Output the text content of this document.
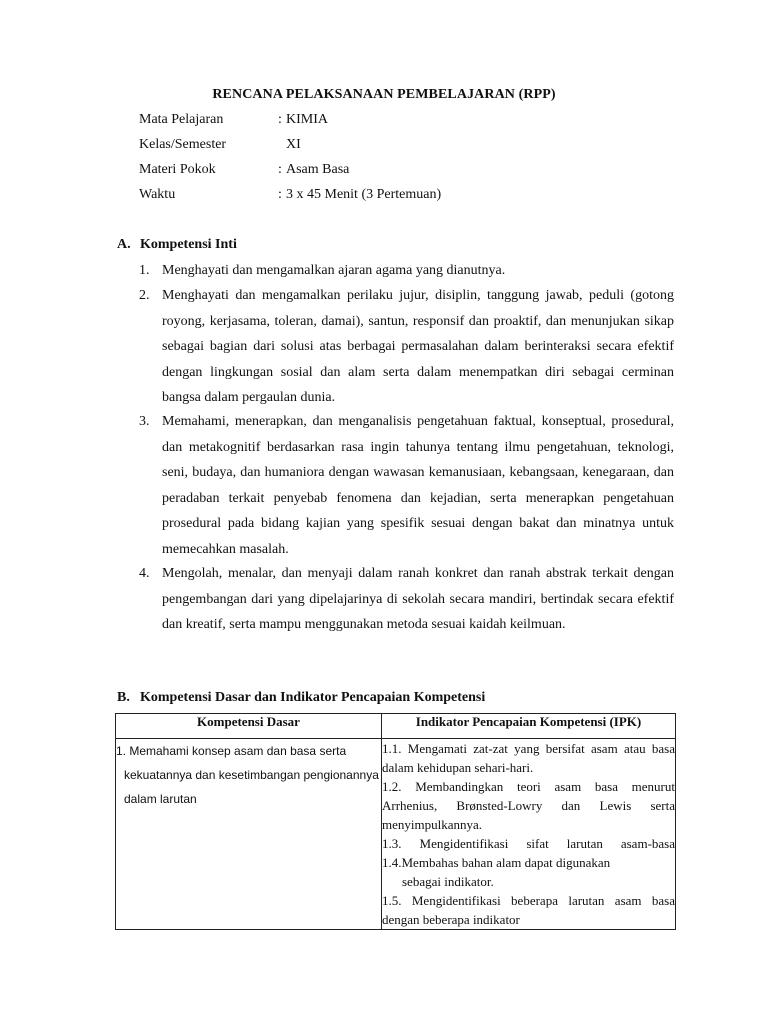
RENCANA PELAKSANAAN PEMBELAJARAN (RPP)
Mata Pelajaran	: KIMIA
Kelas/Semester	XI
Materi Pokok	: Asam Basa
Waktu	: 3 x 45 Menit (3 Pertemuan)
A. Kompetensi Inti
1. Menghayati dan mengamalkan ajaran agama yang dianutnya.
2. Menghayati dan mengamalkan perilaku jujur, disiplin, tanggung jawab, peduli (gotong royong, kerjasama, toleran, damai), santun, responsif dan proaktif, dan menunjukan sikap sebagai bagian dari solusi atas berbagai permasalahan dalam berinteraksi secara efektif dengan lingkungan sosial dan alam serta dalam menempatkan diri sebagai cerminan bangsa dalam pergaulan dunia.
3. Memahami, menerapkan, dan menganalisis pengetahuan faktual, konseptual, prosedural, dan metakognitif berdasarkan rasa ingin tahunya tentang ilmu pengetahuan, teknologi, seni, budaya, dan humaniora dengan wawasan kemanusiaan, kebangsaan, kenegaraan, dan peradaban terkait penyebab fenomena dan kejadian, serta menerapkan pengetahuan prosedural pada bidang kajian yang spesifik sesuai dengan bakat dan minatnya untuk memecahkan masalah.
4. Mengolah, menalar, dan menyaji dalam ranah konkret dan ranah abstrak terkait dengan pengembangan dari yang dipelajarinya di sekolah secara mandiri, bertindak secara efektif dan kreatif, serta mampu menggunakan metoda sesuai kaidah keilmuan.
B. Kompetensi Dasar dan Indikator Pencapaian Kompetensi
Kompetensi Dasar	Indikator Pencapaian Kompetensi (IPK)

1. Memahami konsep asam dan basa serta kekuatannya dan kesetimbangan pengionannya dalam larutan	1.1. Mengamati zat-zat yang bersifat asam atau basa dalam kehidupan sehari-hari.
1.2. Membandingkan teori asam basa menurut Arrhenius, Brønsted-Lowry dan Lewis serta menyimpulkannya.
1.3. Mengidentifikasi sifat larutan asam-basa 1.4.Membahas bahan alam dapat digunakan
sebagai indikator.
1.5. Mengidentifikasi beberapa larutan asam basa dengan beberapa indikator
